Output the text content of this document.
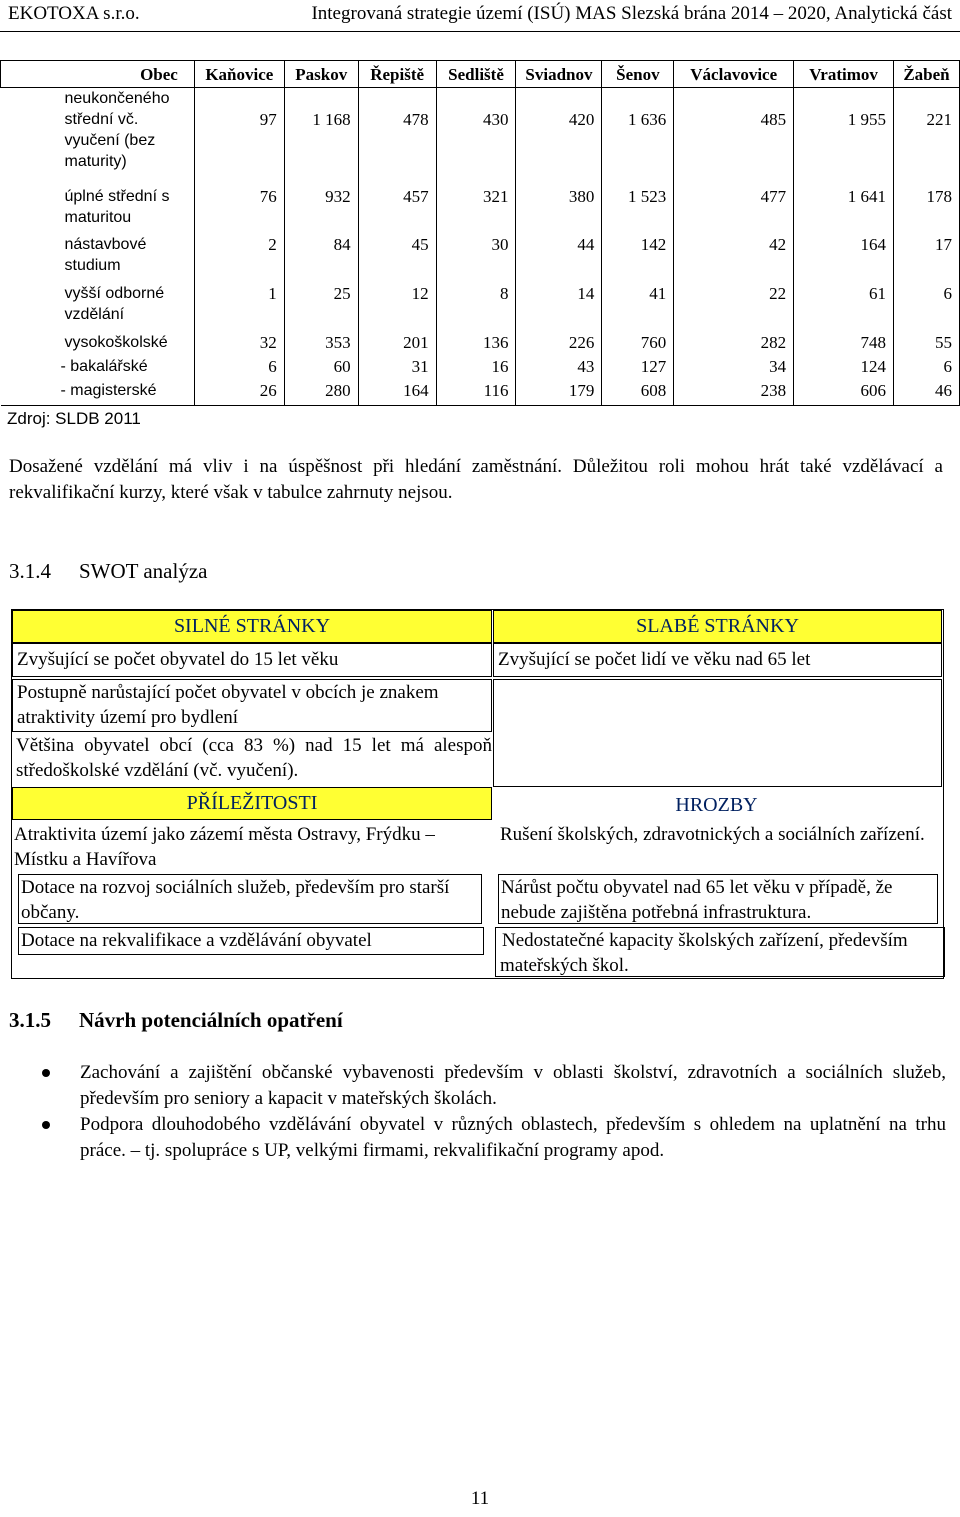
EKOTOXA s.r.o.	Integrovaná strategie území (ISÚ) MAS Slezská brána 2014 – 2020, Analytická část
Obec	Kaňovice	Paskov	Řepiště	Sedliště	Sviadnov	Šenov	Václavovice	Vratimov	Žabeň

neukončeného
střední vč.
vyučení (bez
maturity)	97	1 168	478	430	420	1 636	485	1 955	221

úplné střední s
maturitou	76	932	457	321	380	1 523	477	1 641	178

nástavbové
studium	2	84	45	30	44	142	42	164	17

vyšší odborné
vzdělání	1	25	12	8	14	41	22	61	6

vysokoškolské	32	353	201	136	226	760	282	748	55

- bakalářské	6	60	31	16	43	127	34	124	6

- magisterské	26	280	164	116	179	608	238	606	46
Zdroj: SLDB 2011
Dosažené vzdělání má vliv i na úspěšnost při hledání zaměstnání. Důležitou roli mohou hrát také vzdělávací a rekvalifikační kurzy, které však v tabulce zahrnuty nejsou.
3.1.4 SWOT analýza
SILNÉ STRÁNKY	SLABÉ STRÁNKY
Zvyšující se počet obyvatel do 15 let věku	Zvyšující se počet lidí ve věku nad 65 let
Postupně narůstající počet obyvatel v obcích je znakem atraktivity území pro bydlení
Většina obyvatel obcí (cca 83 %) nad 15 let má alespoň středoškolské vzdělání (vč. vyučení).
PŘÍLEŽITOSTI	HROZBY
Atraktivita území jako zázemí města Ostravy, Frýdku – Místku a Havířova
Rušení školských, zdravotnických a sociálních zařízení.
Dotace na rozvoj sociálních služeb, především pro starší občany.
Nárůst počtu obyvatel nad 65 let věku v případě, že nebude zajištěna potřebná infrastruktura.
Dotace na rekvalifikace a vzdělávání obyvatel	Nedostatečné kapacity školských zařízení, především mateřských škol.
3.1.5 Návrh potenciálních opatření
Zachování a zajištění občanské vybavenosti především v oblasti školství, zdravotních a sociálních služeb, především pro seniory a kapacit v mateřských školách.
Podpora dlouhodobého vzdělávání obyvatel v různých oblastech, především s ohledem na uplatnění na trhu práce. – tj. spolupráce s UP, velkými firmami, rekvalifikační programy apod.
11
